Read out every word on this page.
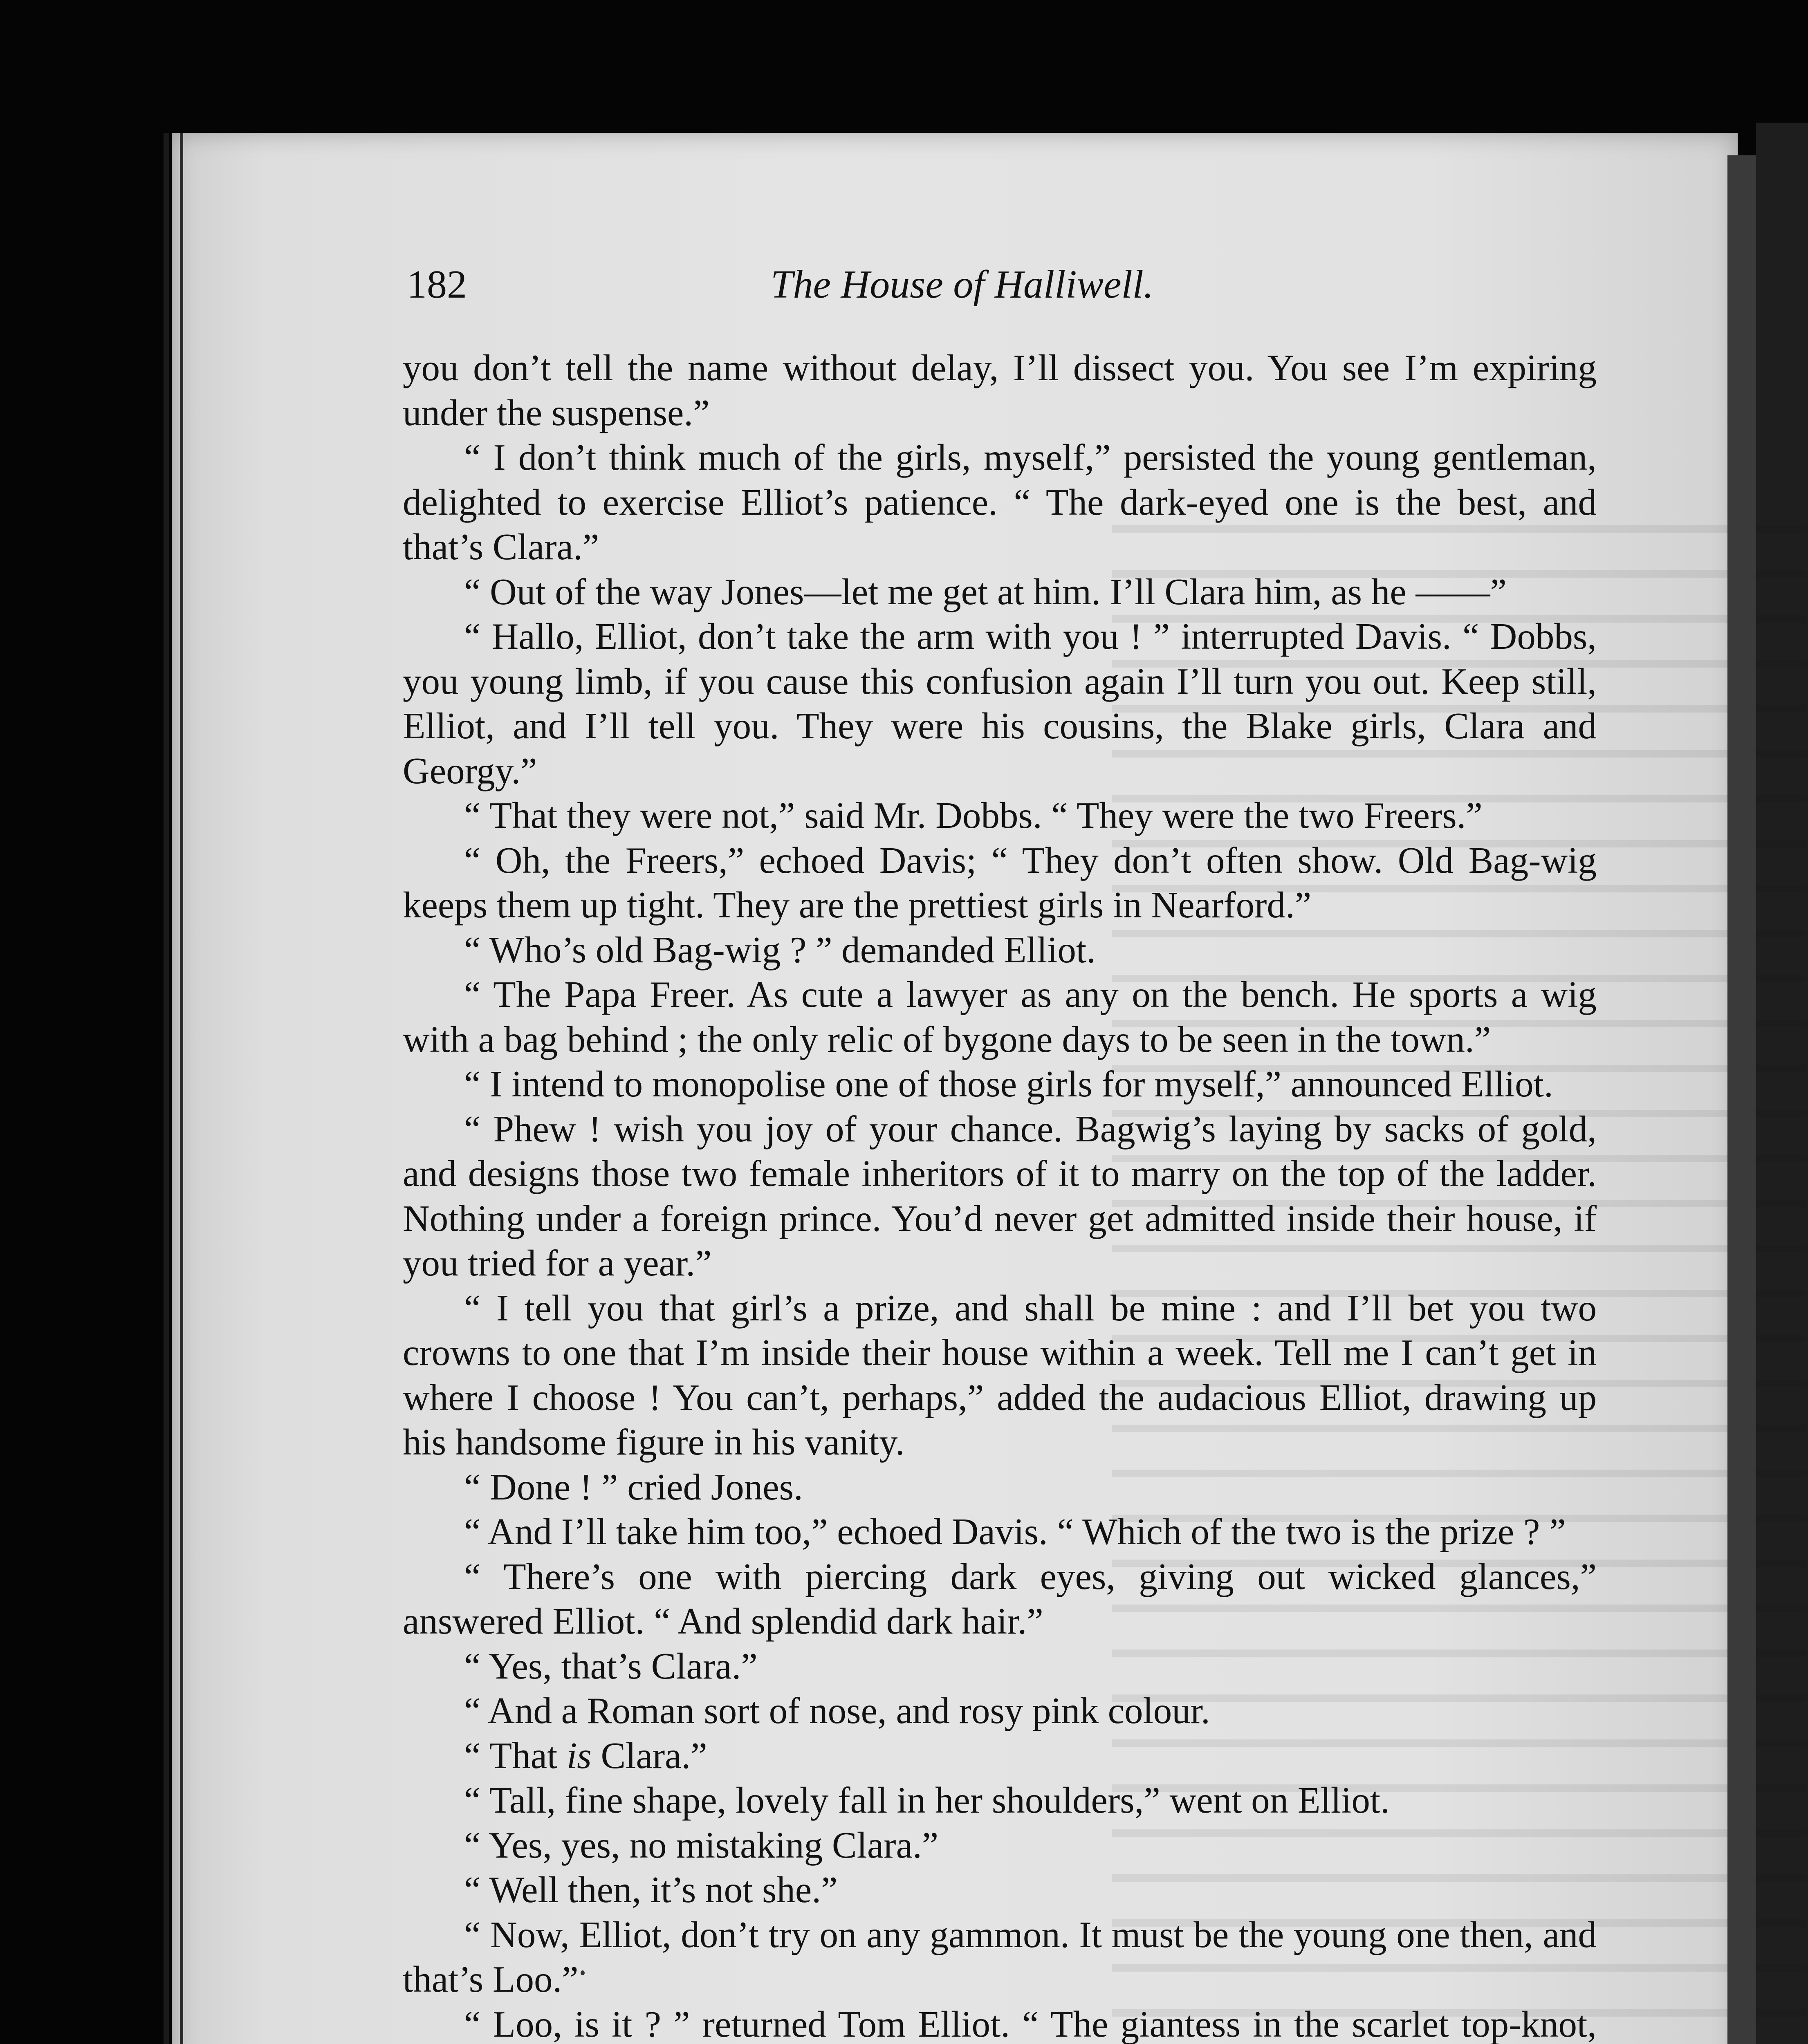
182	The House of Halliwell.

you don’t tell the name without delay, I’ll dissect you. You see I’m expiring under the suspense.”

“ I don’t think much of the girls, myself,” persisted the young gentleman, delighted to exercise Elliot’s patience. “ The dark-eyed one is the best, and that’s Clara.”

“ Out of the way Jones—let me get at him. I’ll Clara him, as he ——”

“ Hallo, Elliot, don’t take the arm with you ! ” interrupted Davis. “ Dobbs, you young limb, if you cause this confusion again I’ll turn you out. Keep still, Elliot, and I’ll tell you. They were his cousins, the Blake girls, Clara and Georgy.”

“ That they were not,” said Mr. Dobbs. “ They were the two Freers.”

“ Oh, the Freers,” echoed Davis; “ They don’t often show. Old Bag-wig keeps them up tight. They are the prettiest girls in Nearford.”

“ Who’s old Bag-wig ? ” demanded Elliot.

“ The Papa Freer. As cute a lawyer as any on the bench. He sports a wig with a bag behind ; the only relic of bygone days to be seen in the town.”

“ I intend to monopolise one of those girls for myself,” announced Elliot.

“ Phew ! wish you joy of your chance. Bagwig’s laying by sacks of gold, and designs those two female inheritors of it to marry on the top of the ladder. Nothing under a foreign prince. You’d never get admitted inside their house, if you tried for a year.”

“ I tell you that girl’s a prize, and shall be mine : and I’ll bet you two crowns to one that I’m inside their house within a week. Tell me I can’t get in where I choose ! You can’t, perhaps,” added the audacious Elliot, drawing up his handsome figure in his vanity.

“ Done ! ” cried Jones.

“ And I’ll take him too,” echoed Davis. “ Which of the two is the prize ? ”

“ There’s one with piercing dark eyes, giving out wicked glances,” answered Elliot. “ And splendid dark hair.”

“ Yes, that’s Clara.”

“ And a Roman sort of nose, and rosy pink colour.

“ That is Clara.”

“ Tall, fine shape, lovely fall in her shoulders,” went on Elliot.

“ Yes, yes, no mistaking Clara.”

“ Well then, it’s not she.”

“ Now, Elliot, don’t try on any gammon. It must be the young one then, and that’s Loo.”

“ Loo, is it ? ” returned Tom Elliot. “ The giantess in the scarlet top-knot,
